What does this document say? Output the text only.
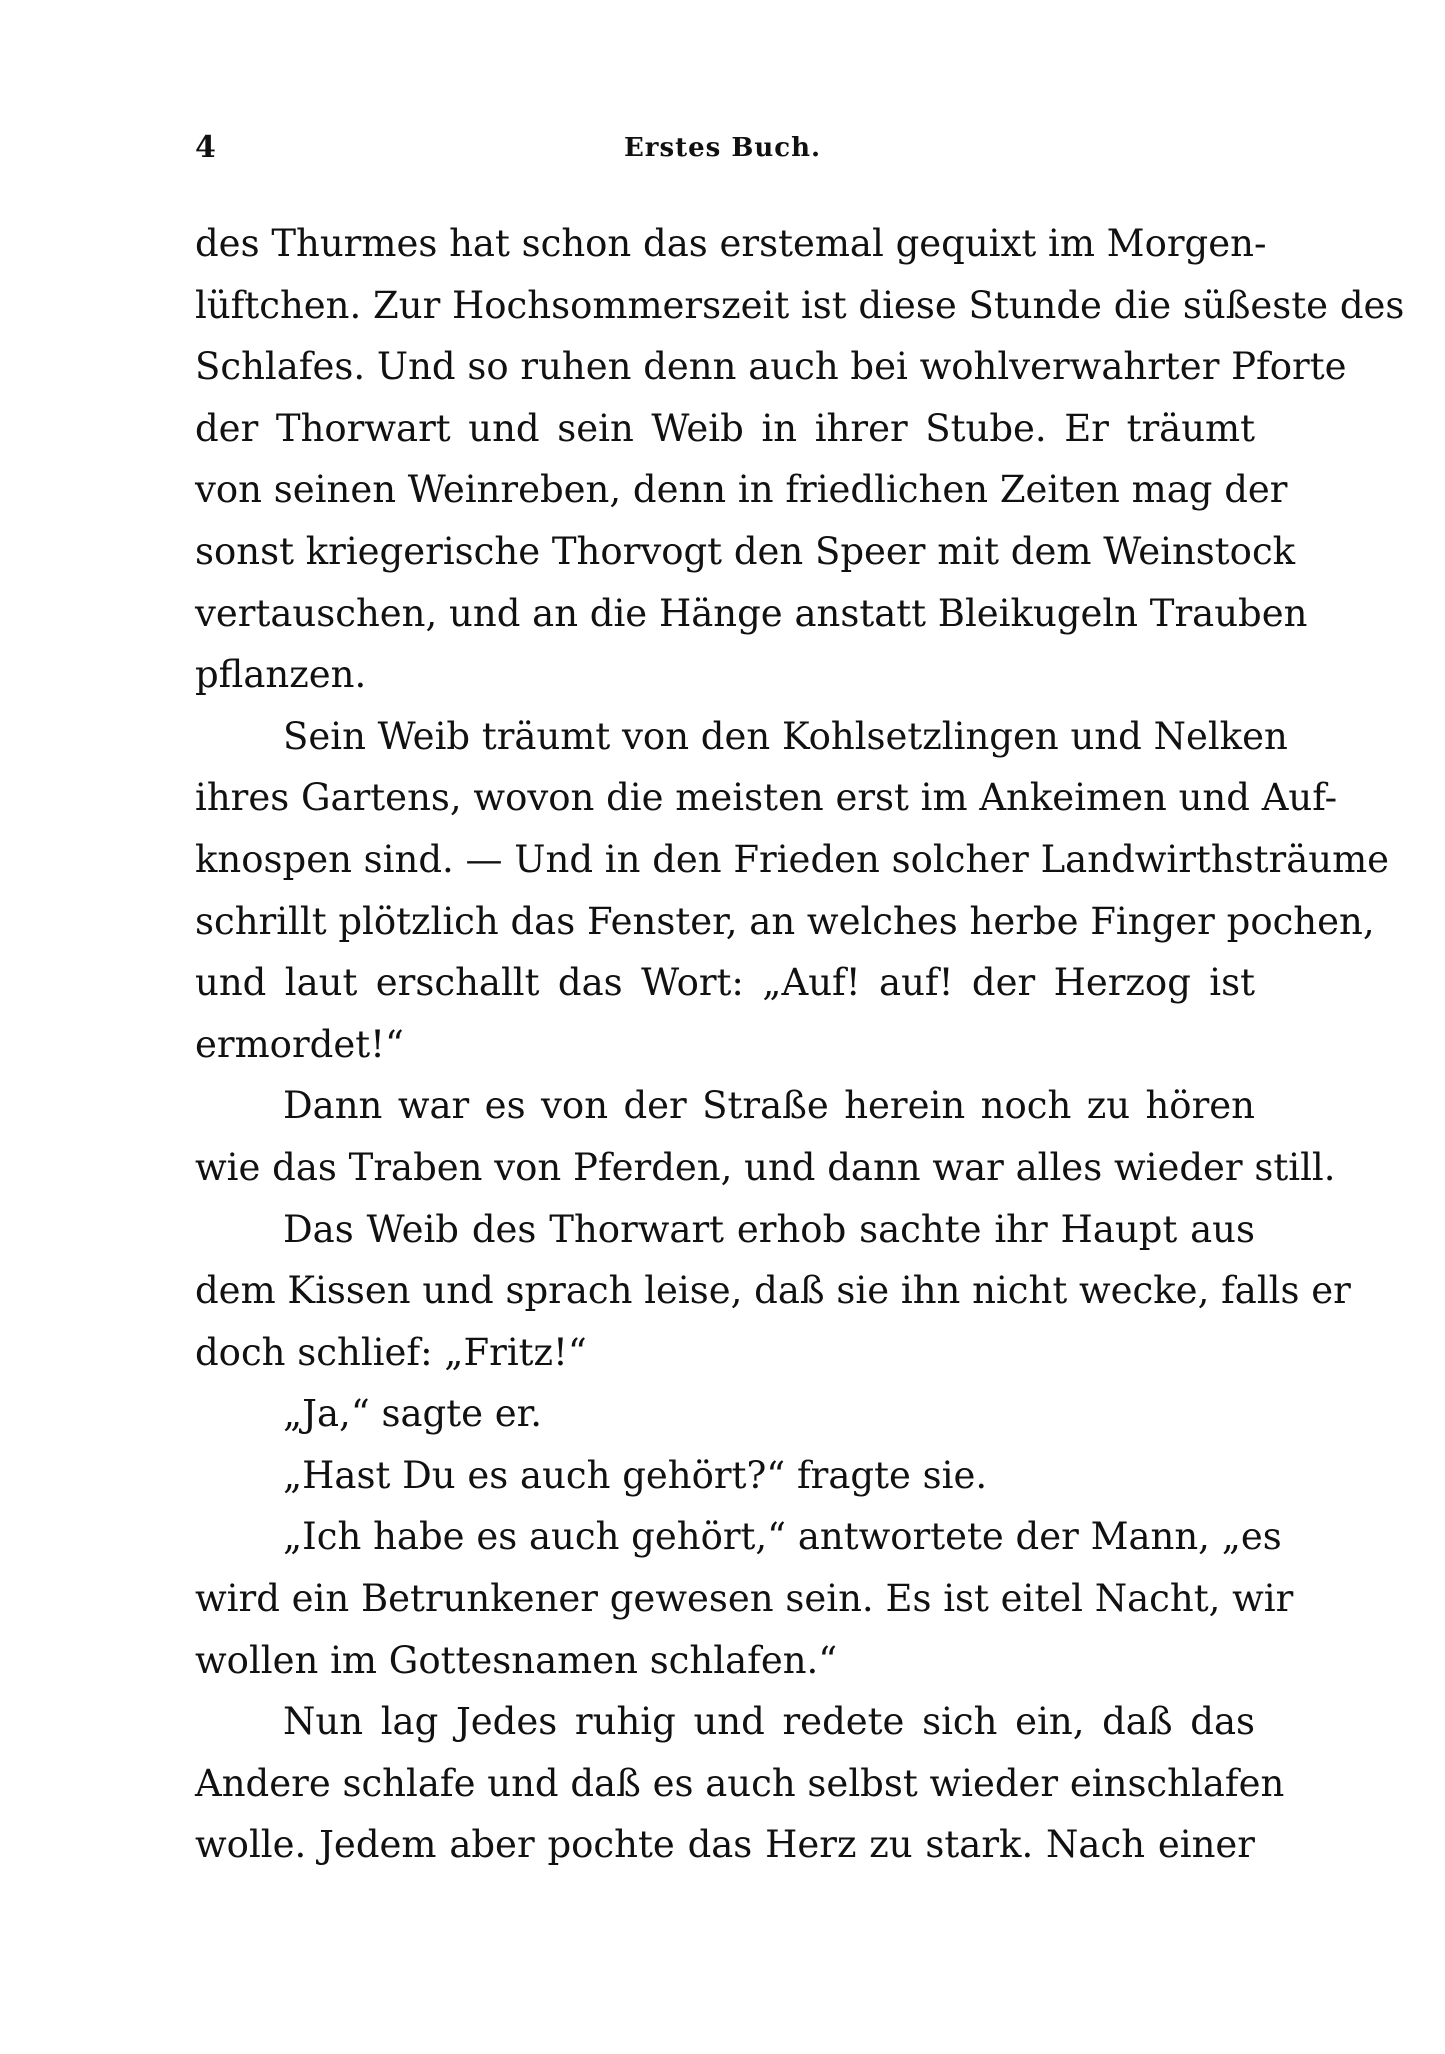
4	Erstes Buch.
des Thurmes hat schon das erstemal gequixt im Morgen-
lüftchen. Zur Hochsommerszeit ist diese Stunde die süßeste des
Schlafes. Und so ruhen denn auch bei wohlverwahrter Pforte
der Thorwart und sein Weib in ihrer Stube. Er träumt
von seinen Weinreben, denn in friedlichen Zeiten mag der
sonst kriegerische Thorvogt den Speer mit dem Weinstock
vertauschen, und an die Hänge anstatt Bleikugeln Trauben
pflanzen.
Sein Weib träumt von den Kohlsetzlingen und Nelken
ihres Gartens, wovon die meisten erst im Ankeimen und Auf-
knospen sind. — Und in den Frieden solcher Landwirthsträume
schrillt plötzlich das Fenster, an welches herbe Finger pochen,
und laut erschallt das Wort: „Auf! auf! der Herzog ist
ermordet!“
Dann war es von der Straße herein noch zu hören
wie das Traben von Pferden, und dann war alles wieder still.
Das Weib des Thorwart erhob sachte ihr Haupt aus
dem Kissen und sprach leise, daß sie ihn nicht wecke, falls er
doch schlief: „Fritz!“
„Ja,“ sagte er.
„Hast Du es auch gehört?“ fragte sie.
„Ich habe es auch gehört,“ antwortete der Mann, „es
wird ein Betrunkener gewesen sein. Es ist eitel Nacht, wir
wollen im Gottesnamen schlafen.“
Nun lag Jedes ruhig und redete sich ein, daß das
Andere schlafe und daß es auch selbst wieder einschlafen
wolle. Jedem aber pochte das Herz zu stark. Nach einer
